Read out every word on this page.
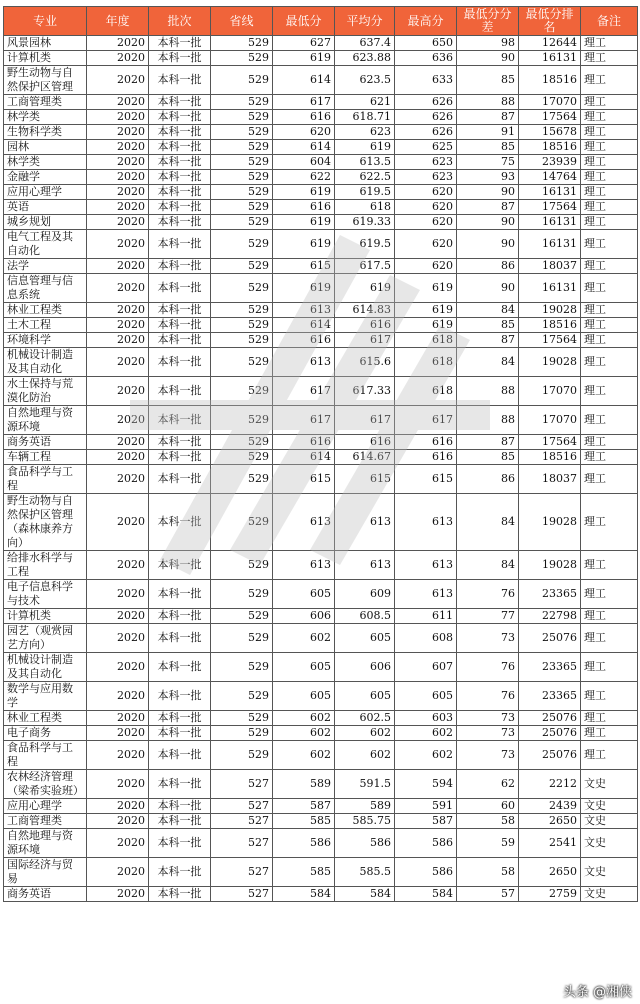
专业	年度	批次	省线	最低分	平均分	最高分	最低分分差	最低分排名	备注
风景园林	2020	本科一批	529	627	637.4	650	98	12644	理工
计算机类	2020	本科一批	529	619	623.88	636	90	16131	理工
野生动物与自然保护区管理	2020	本科一批	529	614	623.5	633	85	18516	理工
工商管理类	2020	本科一批	529	617	621	626	88	17070	理工
林学类	2020	本科一批	529	616	618.71	626	87	17564	理工
生物科学类	2020	本科一批	529	620	623	626	91	15678	理工
园林	2020	本科一批	529	614	619	625	85	18516	理工
林学类	2020	本科一批	529	604	613.5	623	75	23939	理工
金融学	2020	本科一批	529	622	622.5	623	93	14764	理工
应用心理学	2020	本科一批	529	619	619.5	620	90	16131	理工
英语	2020	本科一批	529	616	618	620	87	17564	理工
城乡规划	2020	本科一批	529	619	619.33	620	90	16131	理工
电气工程及其自动化	2020	本科一批	529	619	619.5	620	90	16131	理工
法学	2020	本科一批	529	615	617.5	620	86	18037	理工
信息管理与信息系统	2020	本科一批	529	619	619	619	90	16131	理工
林业工程类	2020	本科一批	529	613	614.83	619	84	19028	理工
土木工程	2020	本科一批	529	614	616	619	85	18516	理工
环境科学	2020	本科一批	529	616	617	618	87	17564	理工
机械设计制造及其自动化	2020	本科一批	529	613	615.6	618	84	19028	理工
水土保持与荒漠化防治	2020	本科一批	529	617	617.33	618	88	17070	理工
自然地理与资源环境	2020	本科一批	529	617	617	617	88	17070	理工
商务英语	2020	本科一批	529	616	616	616	87	17564	理工
车辆工程	2020	本科一批	529	614	614.67	616	85	18516	理工
食品科学与工程	2020	本科一批	529	615	615	615	86	18037	理工
野生动物与自然保护区管理（森林康养方向）	2020	本科一批	529	613	613	613	84	19028	理工
给排水科学与工程	2020	本科一批	529	613	613	613	84	19028	理工
电子信息科学与技术	2020	本科一批	529	605	609	613	76	23365	理工
计算机类	2020	本科一批	529	606	608.5	611	77	22798	理工
园艺（观赏园艺方向）	2020	本科一批	529	602	605	608	73	25076	理工
机械设计制造及其自动化	2020	本科一批	529	605	606	607	76	23365	理工
数学与应用数学	2020	本科一批	529	605	605	605	76	23365	理工
林业工程类	2020	本科一批	529	602	602.5	603	73	25076	理工
电子商务	2020	本科一批	529	602	602	602	73	25076	理工
食品科学与工程	2020	本科一批	529	602	602	602	73	25076	理工
农林经济管理（梁希实验班）	2020	本科一批	527	589	591.5	594	62	2212	文史
应用心理学	2020	本科一批	527	587	589	591	60	2439	文史
工商管理类	2020	本科一批	527	585	585.75	587	58	2650	文史
自然地理与资源环境	2020	本科一批	527	586	586	586	59	2541	文史
国际经济与贸易	2020	本科一批	527	585	585.5	586	58	2650	文史
商务英语	2020	本科一批	527	584	584	584	57	2759	文史
头条 @湘侠
